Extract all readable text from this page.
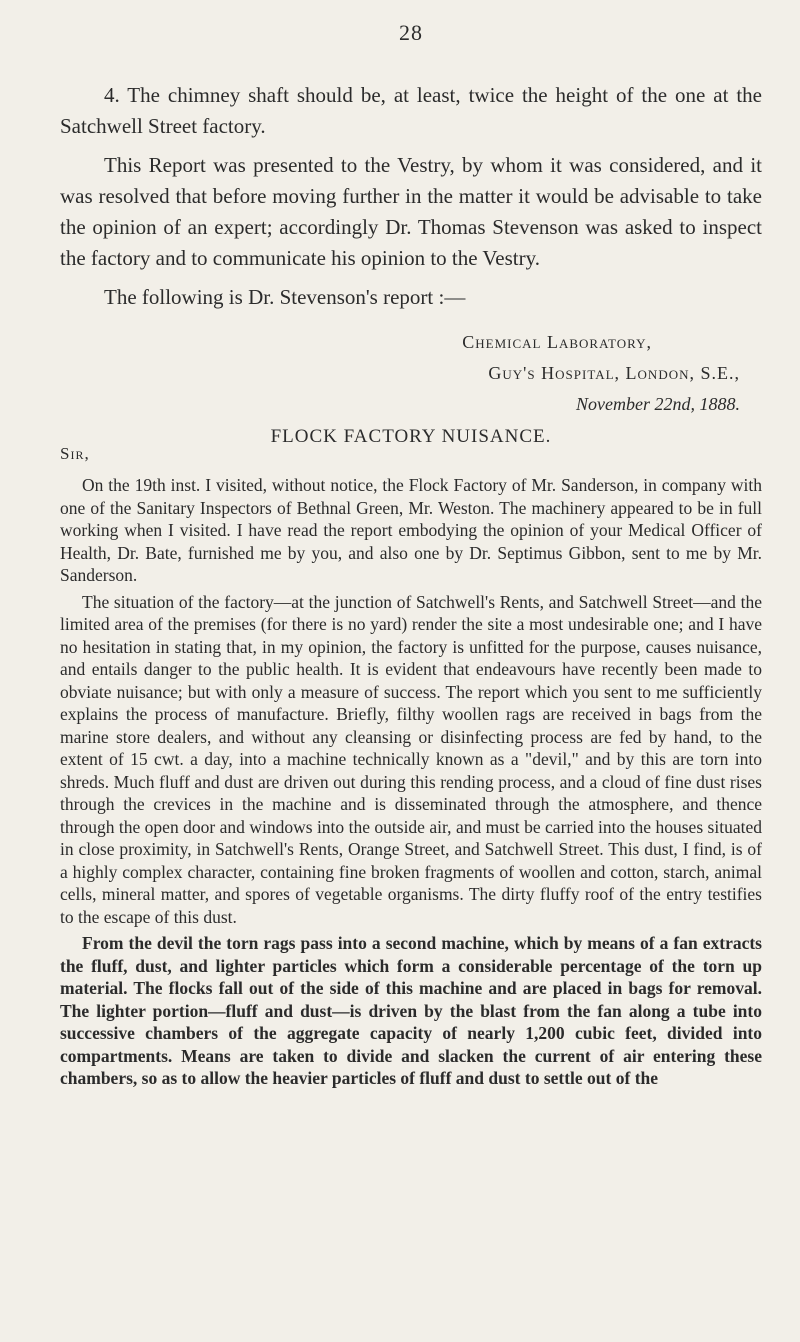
28

4. The chimney shaft should be, at least, twice the height of the one at the Satchwell Street factory.

This Report was presented to the Vestry, by whom it was considered, and it was resolved that before moving further in the matter it would be advisable to take the opinion of an expert; accordingly Dr. Thomas Stevenson was asked to inspect the factory and to communicate his opinion to the Vestry.

The following is Dr. Stevenson's report :—

Chemical Laboratory,
Guy's Hospital, London, S.E.,
November 22nd, 1888.
Sir,
FLOCK FACTORY NUISANCE.

On the 19th inst. I visited, without notice, the Flock Factory of Mr. Sanderson, in company with one of the Sanitary Inspectors of Bethnal Green, Mr. Weston. The machinery appeared to be in full working when I visited. I have read the report embodying the opinion of your Medical Officer of Health, Dr. Bate, furnished me by you, and also one by Dr. Septimus Gibbon, sent to me by Mr. Sanderson.

The situation of the factory—at the junction of Satchwell's Rents, and Satchwell Street—and the limited area of the premises (for there is no yard) render the site a most undesirable one; and I have no hesitation in stating that, in my opinion, the factory is unfitted for the purpose, causes nuisance, and entails danger to the public health. It is evident that endeavours have recently been made to obviate nuisance; but with only a measure of success. The report which you sent to me sufficiently explains the process of manufacture. Briefly, filthy woollen rags are received in bags from the marine store dealers, and without any cleansing or disinfecting process are fed by hand, to the extent of 15 cwt. a day, into a machine technically known as a "devil," and by this are torn into shreds. Much fluff and dust are driven out during this rending process, and a cloud of fine dust rises through the crevices in the machine and is disseminated through the atmosphere, and thence through the open door and windows into the outside air, and must be carried into the houses situated in close proximity, in Satchwell's Rents, Orange Street, and Satchwell Street. This dust, I find, is of a highly complex character, containing fine broken fragments of woollen and cotton, starch, animal cells, mineral matter, and spores of vegetable organisms. The dirty fluffy roof of the entry testifies to the escape of this dust.

From the devil the torn rags pass into a second machine, which by means of a fan extracts the fluff, dust, and lighter particles which form a considerable percentage of the torn up material. The flocks fall out of the side of this machine and are placed in bags for removal. The lighter portion—fluff and dust—is driven by the blast from the fan along a tube into successive chambers of the aggregate capacity of nearly 1,200 cubic feet, divided into compartments. Means are taken to divide and slacken the current of air entering these chambers, so as to allow the heavier particles of fluff and dust to settle out of the
